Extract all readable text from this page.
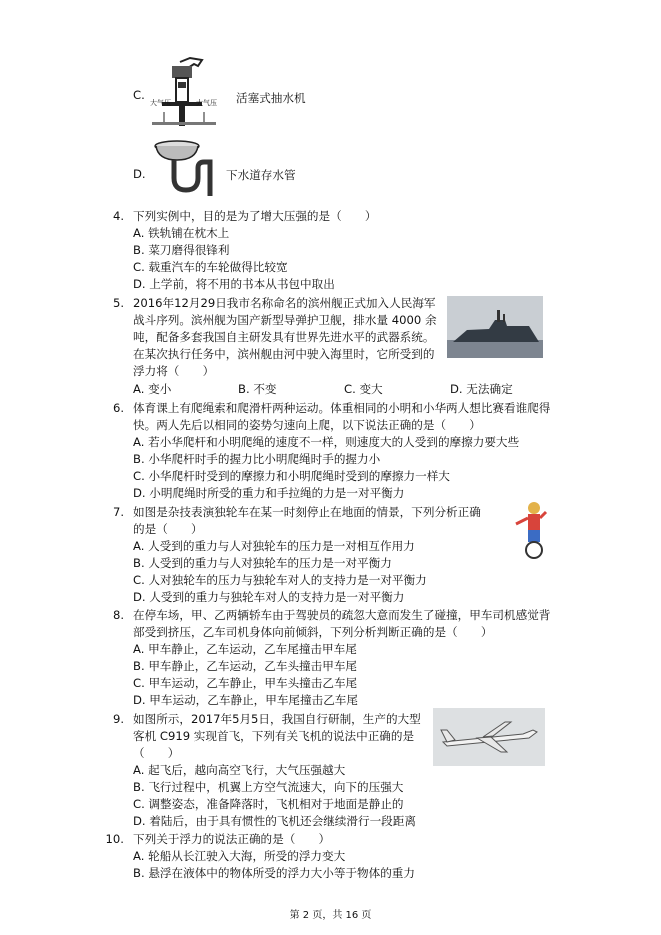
C.
大气压	大气压 活塞式抽水机
D.	下水道存水管
4. 下列实例中，目的是为了增大压强的是（　　）
A. 铁轨铺在枕木上
B. 菜刀磨得很锋利
C. 载重汽车的车轮做得比较宽
D. 上学前，将不用的书本从书包中取出
5. 2016年12月29日我市名称命名的滨州舰正式加入人民海军
战斗序列。滨州舰为国产新型导弹护卫舰，排水量 4000 余
吨，配备多套我国自主研发具有世界先进水平的武器系统。
在某次执行任务中，滨州舰由河中驶入海里时，它所受到的
浮力将（　　）
A. 变小	B. 不变	C. 变大	D. 无法确定
6. 体育课上有爬绳索和爬滑杆两种运动。体重相同的小明和小华两人想比赛看谁爬得
快。两人先后以相同的姿势匀速向上爬，以下说法正确的是（　　）
A. 若小华爬杆和小明爬绳的速度不一样，则速度大的人受到的摩擦力要大些
B. 小华爬杆时手的握力比小明爬绳时手的握力小
C. 小华爬杆时受到的摩擦力和小明爬绳时受到的摩擦力一样大
D. 小明爬绳时所受的重力和手拉绳的力是一对平衡力
7. 如图是杂技表演独轮车在某一时刻停止在地面的情景，下列分析正确
的是（　　）
A. 人受到的重力与人对独轮车的压力是一对相互作用力
B. 人受到的重力与人对独轮车的压力是一对平衡力
C. 人对独轮车的压力与独轮车对人的支持力是一对平衡力
D. 人受到的重力与独轮车对人的支持力是一对平衡力
8. 在停车场，甲、乙两辆轿车由于驾驶员的疏忽大意而发生了碰撞，甲车司机感觉背
部受到挤压，乙车司机身体向前倾斜，下列分析判断正确的是（　　）
A. 甲车静止，乙车运动，乙车尾撞击甲车尾
B. 甲车静止，乙车运动，乙车头撞击甲车尾
C. 甲车运动，乙车静止，甲车头撞击乙车尾
D. 甲车运动，乙车静止，甲车尾撞击乙车尾
9. 如图所示，2017年5月5日，我国自行研制，生产的大型
客机 C919 实现首飞，下列有关飞机的说法中正确的是
（　　）
A. 起飞后，越向高空飞行，大气压强越大
B. 飞行过程中，机翼上方空气流速大，向下的压强大
C. 调整姿态，准备降落时，飞机相对于地面是静止的
D. 着陆后，由于具有惯性的飞机还会继续滑行一段距离
10. 下列关于浮力的说法正确的是（　　）
A. 轮船从长江驶入大海，所受的浮力变大
B. 悬浮在液体中的物体所受的浮力大小等于物体的重力
第 2 页，共 16 页
